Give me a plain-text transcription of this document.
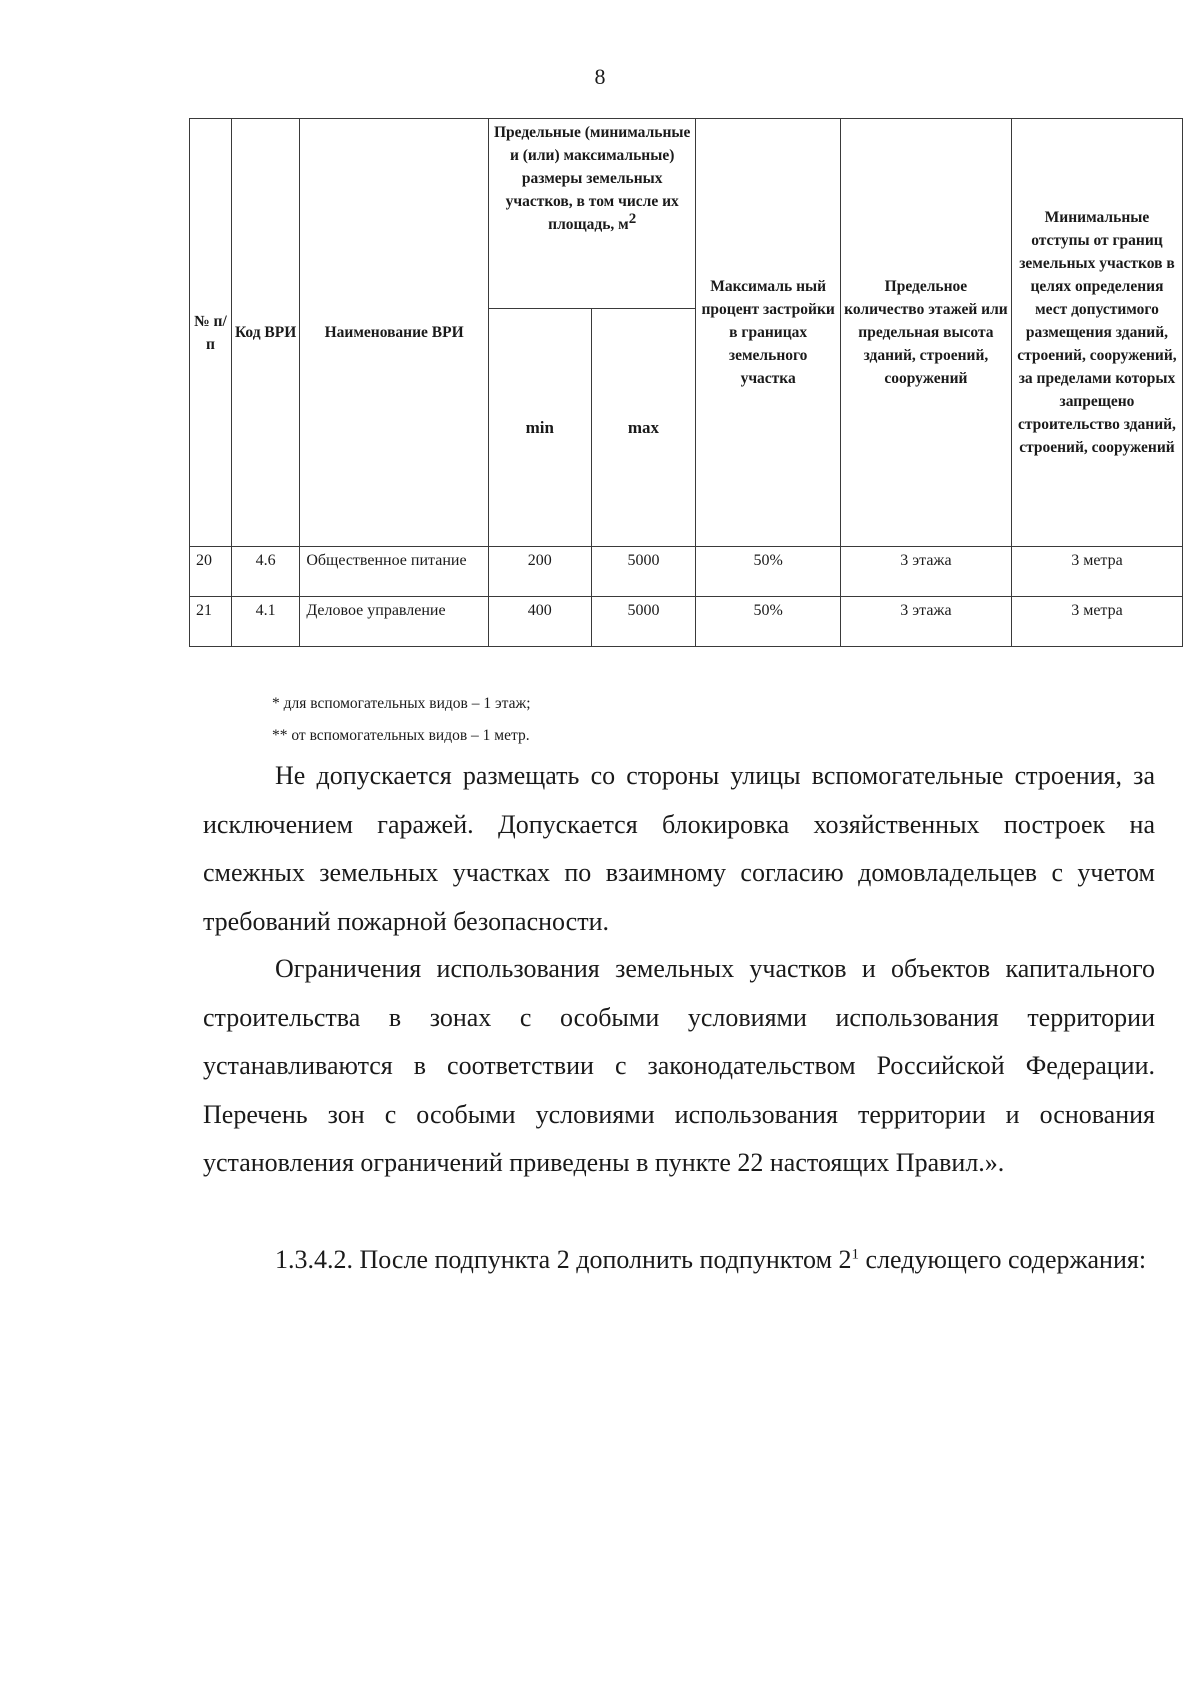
8
№ п/п	Код ВРИ	Наименование ВРИ	Предельные (минимальные и (или) максимальные) размеры земельных участков, в том числе их площадь, $м^2$		Максималь ный процент застройки в границах земельного участка	Предельное количество этажей или предельная высота зданий, строений, сооружений	Минимальные отступы от границ земельных участков в целях определения мест допустимого размещения зданий, строений, сооружений, за пределами которых запрещено строительство зданий, строений, сооружений
			min	max			
20	4.6	Общественное питание	200	5000	50%	3 этажа	3 метра
21	4.1	Деловое управление	400	5000	50%	3 этажа	3 метра
* для вспомогательных видов – 1 этаж;
** от вспомогательных видов – 1 метр.

Не допускается размещать со стороны улицы вспомогательные строения, за исключением гаражей. Допускается блокировка хозяйственных построек на смежных земельных участках по взаимному согласию домовладельцев с учетом требований пожарной безопасности.

Ограничения использования земельных участков и объектов капитального строительства в зонах с особыми условиями использования территории устанавливаются в соответствии с законодательством Российской Федерации. Перечень зон с особыми условиями использования территории и основания установления ограничений приведены в пункте 22 настоящих Правил.».

1.3.4.2. После подпункта 2 дополнить подпунктом $2^1$ следующего содержания:
